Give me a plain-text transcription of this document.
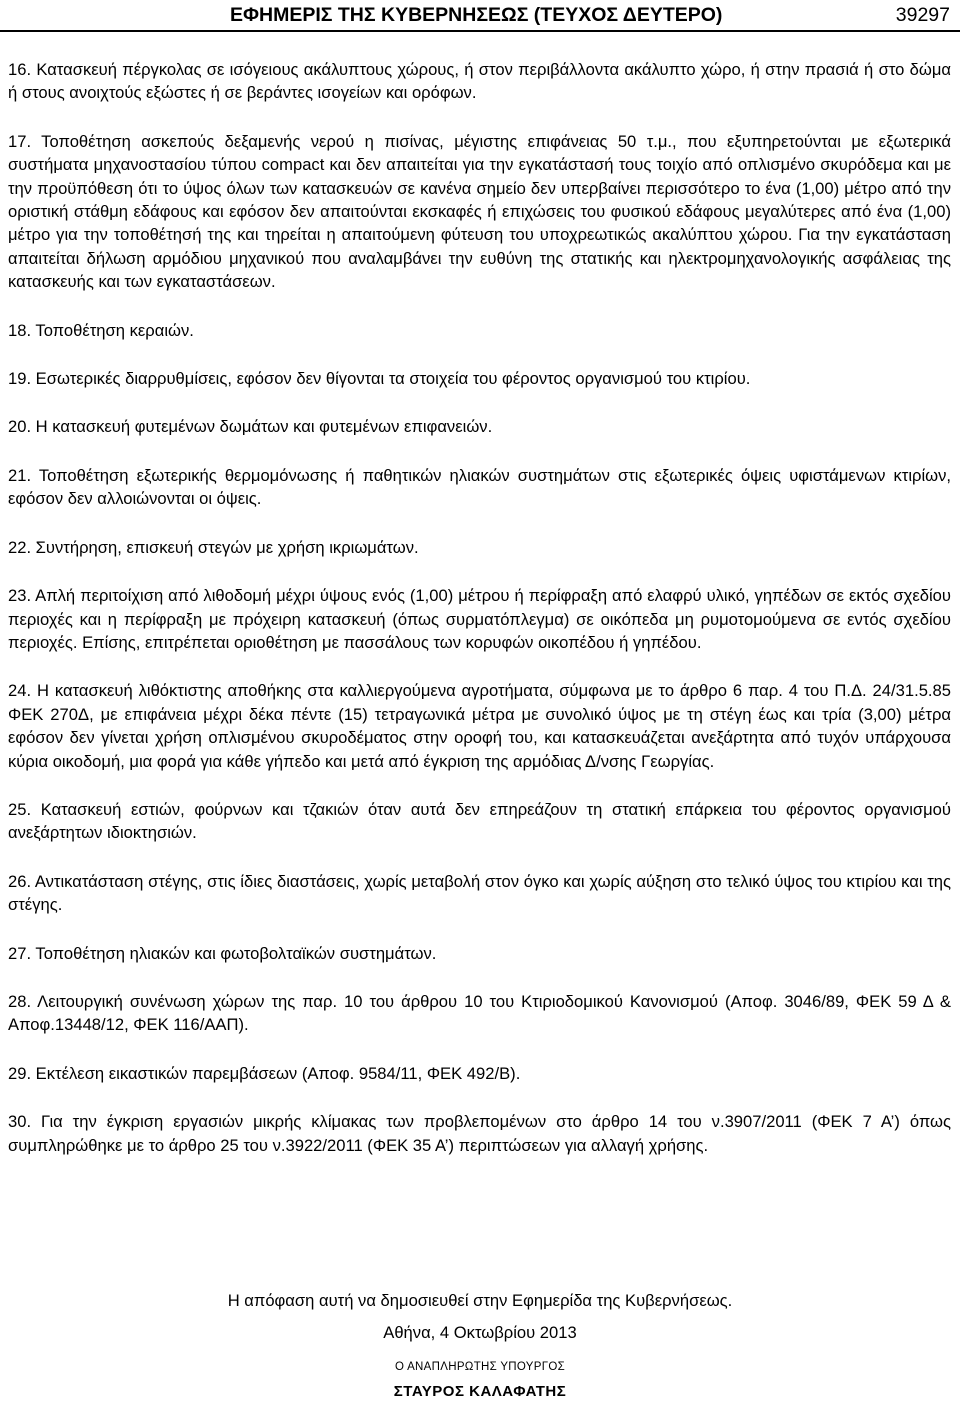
ΕΦΗΜΕΡΙΣ ΤΗΣ ΚΥΒΕΡΝΗΣΕΩΣ (ΤΕΥΧΟΣ ΔΕΥΤΕΡΟ)	39297

16. Κατασκευή πέργκολας σε ισόγειους ακάλυπτους χώρους, ή στον περιβάλλοντα ακάλυπτο χώρο, ή στην πρασιά ή στο δώμα ή στους ανοιχτούς εξώστες ή σε βεράντες ισογείων και ορόφων.

17. Τοποθέτηση ασκεπούς δεξαμενής νερού η πισίνας, μέγιστης επιφάνειας 50 τ.μ., που εξυπηρετούνται με εξωτερικά συστήματα μηχανοστασίου τύπου compact και δεν απαιτείται για την εγκατάστασή τους τοιχίο από οπλισμένο σκυρόδεμα και με την προϋπόθεση ότι το ύψος όλων των κατασκευών σε κανένα σημείο δεν υπερβαίνει περισσότερο το ένα (1,00) μέτρο από την οριστική στάθμη εδάφους και εφόσον δεν απαιτούνται εκσκαφές ή επιχώσεις του φυσικού εδάφους μεγαλύτερες από ένα (1,00) μέτρο για την τοποθέτησή της και τηρείται η απαιτούμενη φύτευση του υποχρεωτικώς ακαλύπτου χώρου. Για την εγκατάσταση απαιτείται δήλωση αρμόδιου μηχανικού που αναλαμβάνει την ευθύνη της στατικής και ηλεκτρομηχανολογικής ασφάλειας της κατασκευής και των εγκαταστάσεων.

18. Τοποθέτηση κεραιών.

19. Εσωτερικές διαρρυθμίσεις, εφόσον δεν θίγονται τα στοιχεία του φέροντος οργανισμού του κτιρίου.

20. Η κατασκευή φυτεμένων δωμάτων και φυτεμένων επιφανειών.

21. Τοποθέτηση εξωτερικής θερμομόνωσης ή παθητικών ηλιακών συστημάτων στις εξωτερικές όψεις υφιστάμενων κτιρίων, εφόσον δεν αλλοιώνονται οι όψεις.

22. Συντήρηση, επισκευή στεγών με χρήση ικριωμάτων.

23. Απλή περιτοίχιση από λιθοδομή μέχρι ύψους ενός (1,00) μέτρου ή περίφραξη από ελαφρύ υλικό, γηπέδων σε εκτός σχεδίου περιοχές και η περίφραξη με πρόχειρη κατασκευή (όπως συρματόπλεγμα) σε οικόπεδα μη ρυμοτομούμενα σε εντός σχεδίου περιοχές. Επίσης, επιτρέπεται οριοθέτηση με πασσάλους των κορυφών οικοπέδου ή γηπέδου.

24. Η κατασκευή λιθόκτιστης αποθήκης στα καλλιεργούμενα αγροτήματα, σύμφωνα με το άρθρο 6 παρ. 4 του Π.Δ. 24/31.5.85 ΦΕΚ 270Δ, με επιφάνεια μέχρι δέκα πέντε (15) τετραγωνικά μέτρα με συνολικό ύψος με τη στέγη έως και τρία (3,00) μέτρα εφόσον δεν γίνεται χρήση οπλισμένου σκυροδέματος στην οροφή του, και κατασκευάζεται ανεξάρτητα από τυχόν υπάρχουσα κύρια οικοδομή, μια φορά για κάθε γήπεδο και μετά από έγκριση της αρμόδιας Δ/νσης Γεωργίας.

25. Κατασκευή εστιών, φούρνων και τζακιών όταν αυτά δεν επηρεάζουν τη στατική επάρκεια του φέροντος οργανισμού ανεξάρτητων ιδιοκτησιών.

26. Αντικατάσταση στέγης, στις ίδιες διαστάσεις, χωρίς μεταβολή στον όγκο και χωρίς αύξηση στο τελικό ύψος του κτιρίου και της στέγης.

27. Τοποθέτηση ηλιακών και φωτοβολταϊκών συστημάτων.

28. Λειτουργική συνένωση χώρων της παρ. 10 του άρθρου 10 του Κτιριοδομικού Κανονισμού (Αποφ. 3046/89, ΦΕΚ 59 Δ & Αποφ.13448/12, ΦΕΚ 116/ΑΑΠ).

29. Εκτέλεση εικαστικών παρεμβάσεων (Αποφ. 9584/11, ΦΕΚ 492/Β).

30. Για την έγκριση εργασιών μικρής κλίμακας των προβλεπομένων στο άρθρο 14 του ν.3907/2011 (ΦΕΚ 7 Α’) όπως συμπληρώθηκε με το άρθρο 25 του ν.3922/2011 (ΦΕΚ 35 Α’) περιπτώσεων για αλλαγή χρήσης.

Η απόφαση αυτή να δημοσιευθεί στην Εφημερίδα της Κυβερνήσεως.
Αθήνα, 4 Οκτωβρίου 2013
Ο ΑΝΑΠΛΗΡΩΤΗΣ ΥΠΟΥΡΓΟΣ
ΣΤΑΥΡΟΣ ΚΑΛΑΦΑΤΗΣ
